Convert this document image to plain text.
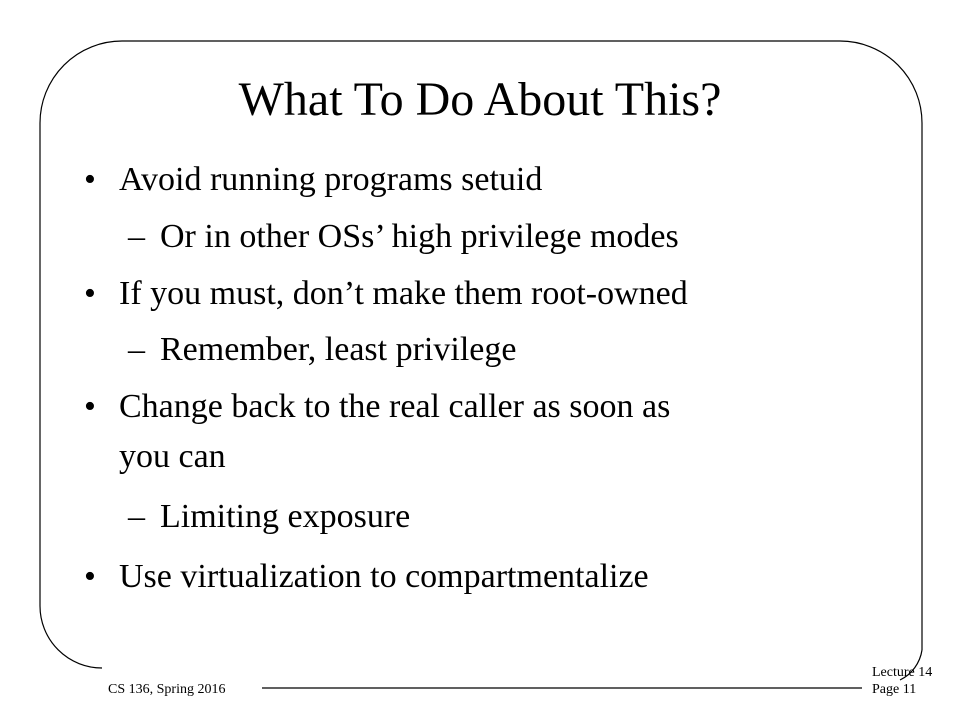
What To Do About This?
• Avoid running programs setuid
– Or in other OSs’ high privilege modes
• If you must, don’t make them root-owned
– Remember, least privilege
• Change back to the real caller as soon as
you can
– Limiting exposure
• Use virtualization to compartmentalize
CS 136, Spring 2016
Lecture 14
Page 11
